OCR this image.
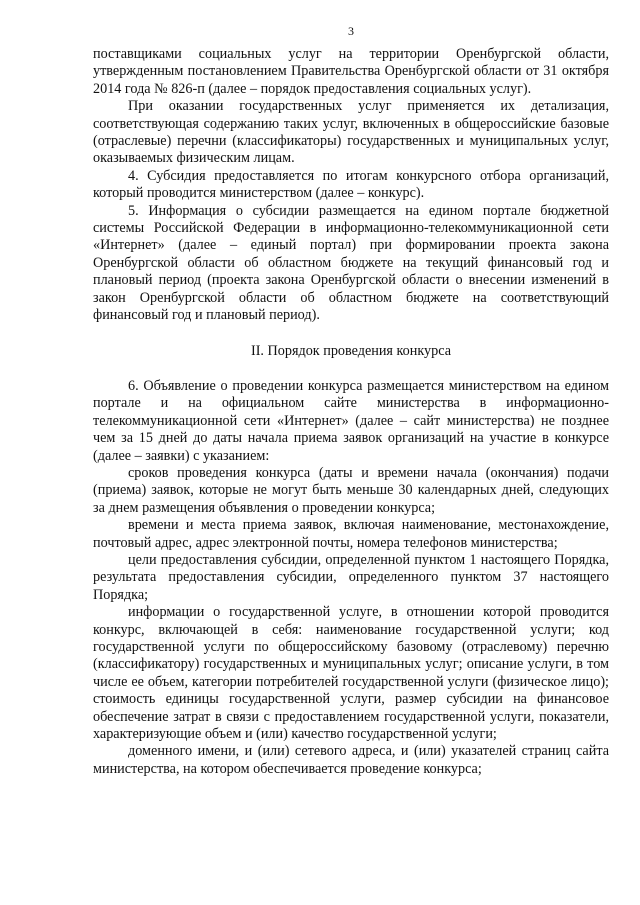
3

поставщиками социальных услуг на территории Оренбургской области, утвержденным постановлением Правительства Оренбургской области от 31 октября 2014 года № 826-п (далее – порядок предоставления социальных услуг).

При оказании государственных услуг применяется их детализация, соответствующая содержанию таких услуг, включенных в общероссийские базовые (отраслевые) перечни (классификаторы) государственных и муниципальных услуг, оказываемых физическим лицам.

4. Субсидия предоставляется по итогам конкурсного отбора организаций, который проводится министерством (далее – конкурс).

5. Информация о субсидии размещается на едином портале бюджетной системы Российской Федерации в информационно-телекоммуникационной сети «Интернет» (далее – единый портал) при формировании проекта закона Оренбургской области об областном бюджете на текущий финансовый год и плановый период (проекта закона Оренбургской области о внесении изменений в закон Оренбургской области об областном бюджете на соответствующий финансовый год и плановый период).

II. Порядок проведения конкурса

6. Объявление о проведении конкурса размещается министерством на едином портале и на официальном сайте министерства в информационно-телекоммуникационной сети «Интернет» (далее – сайт министерства) не позднее чем за 15 дней до даты начала приема заявок организаций на участие в конкурсе (далее – заявки) с указанием:

сроков проведения конкурса (даты и времени начала (окончания) подачи (приема) заявок, которые не могут быть меньше 30 календарных дней, следующих за днем размещения объявления о проведении конкурса;

времени и места приема заявок, включая наименование, местонахождение, почтовый адрес, адрес электронной почты, номера телефонов министерства;

цели предоставления субсидии, определенной пунктом 1 настоящего Порядка, результата предоставления субсидии, определенного пунктом 37 настоящего Порядка;

информации о государственной услуге, в отношении которой проводится конкурс, включающей в себя: наименование государственной услуги; код государственной услуги по общероссийскому базовому (отраслевому) перечню (классификатору) государственных и муниципальных услуг; описание услуги, в том числе ее объем, категории потребителей государственной услуги (физическое лицо); стоимость единицы государственной услуги, размер субсидии на финансовое обеспечение затрат в связи с предоставлением государственной услуги, показатели, характеризующие объем и (или) качество государственной услуги;

доменного имени, и (или) сетевого адреса, и (или) указателей страниц сайта министерства, на котором обеспечивается проведение конкурса;
